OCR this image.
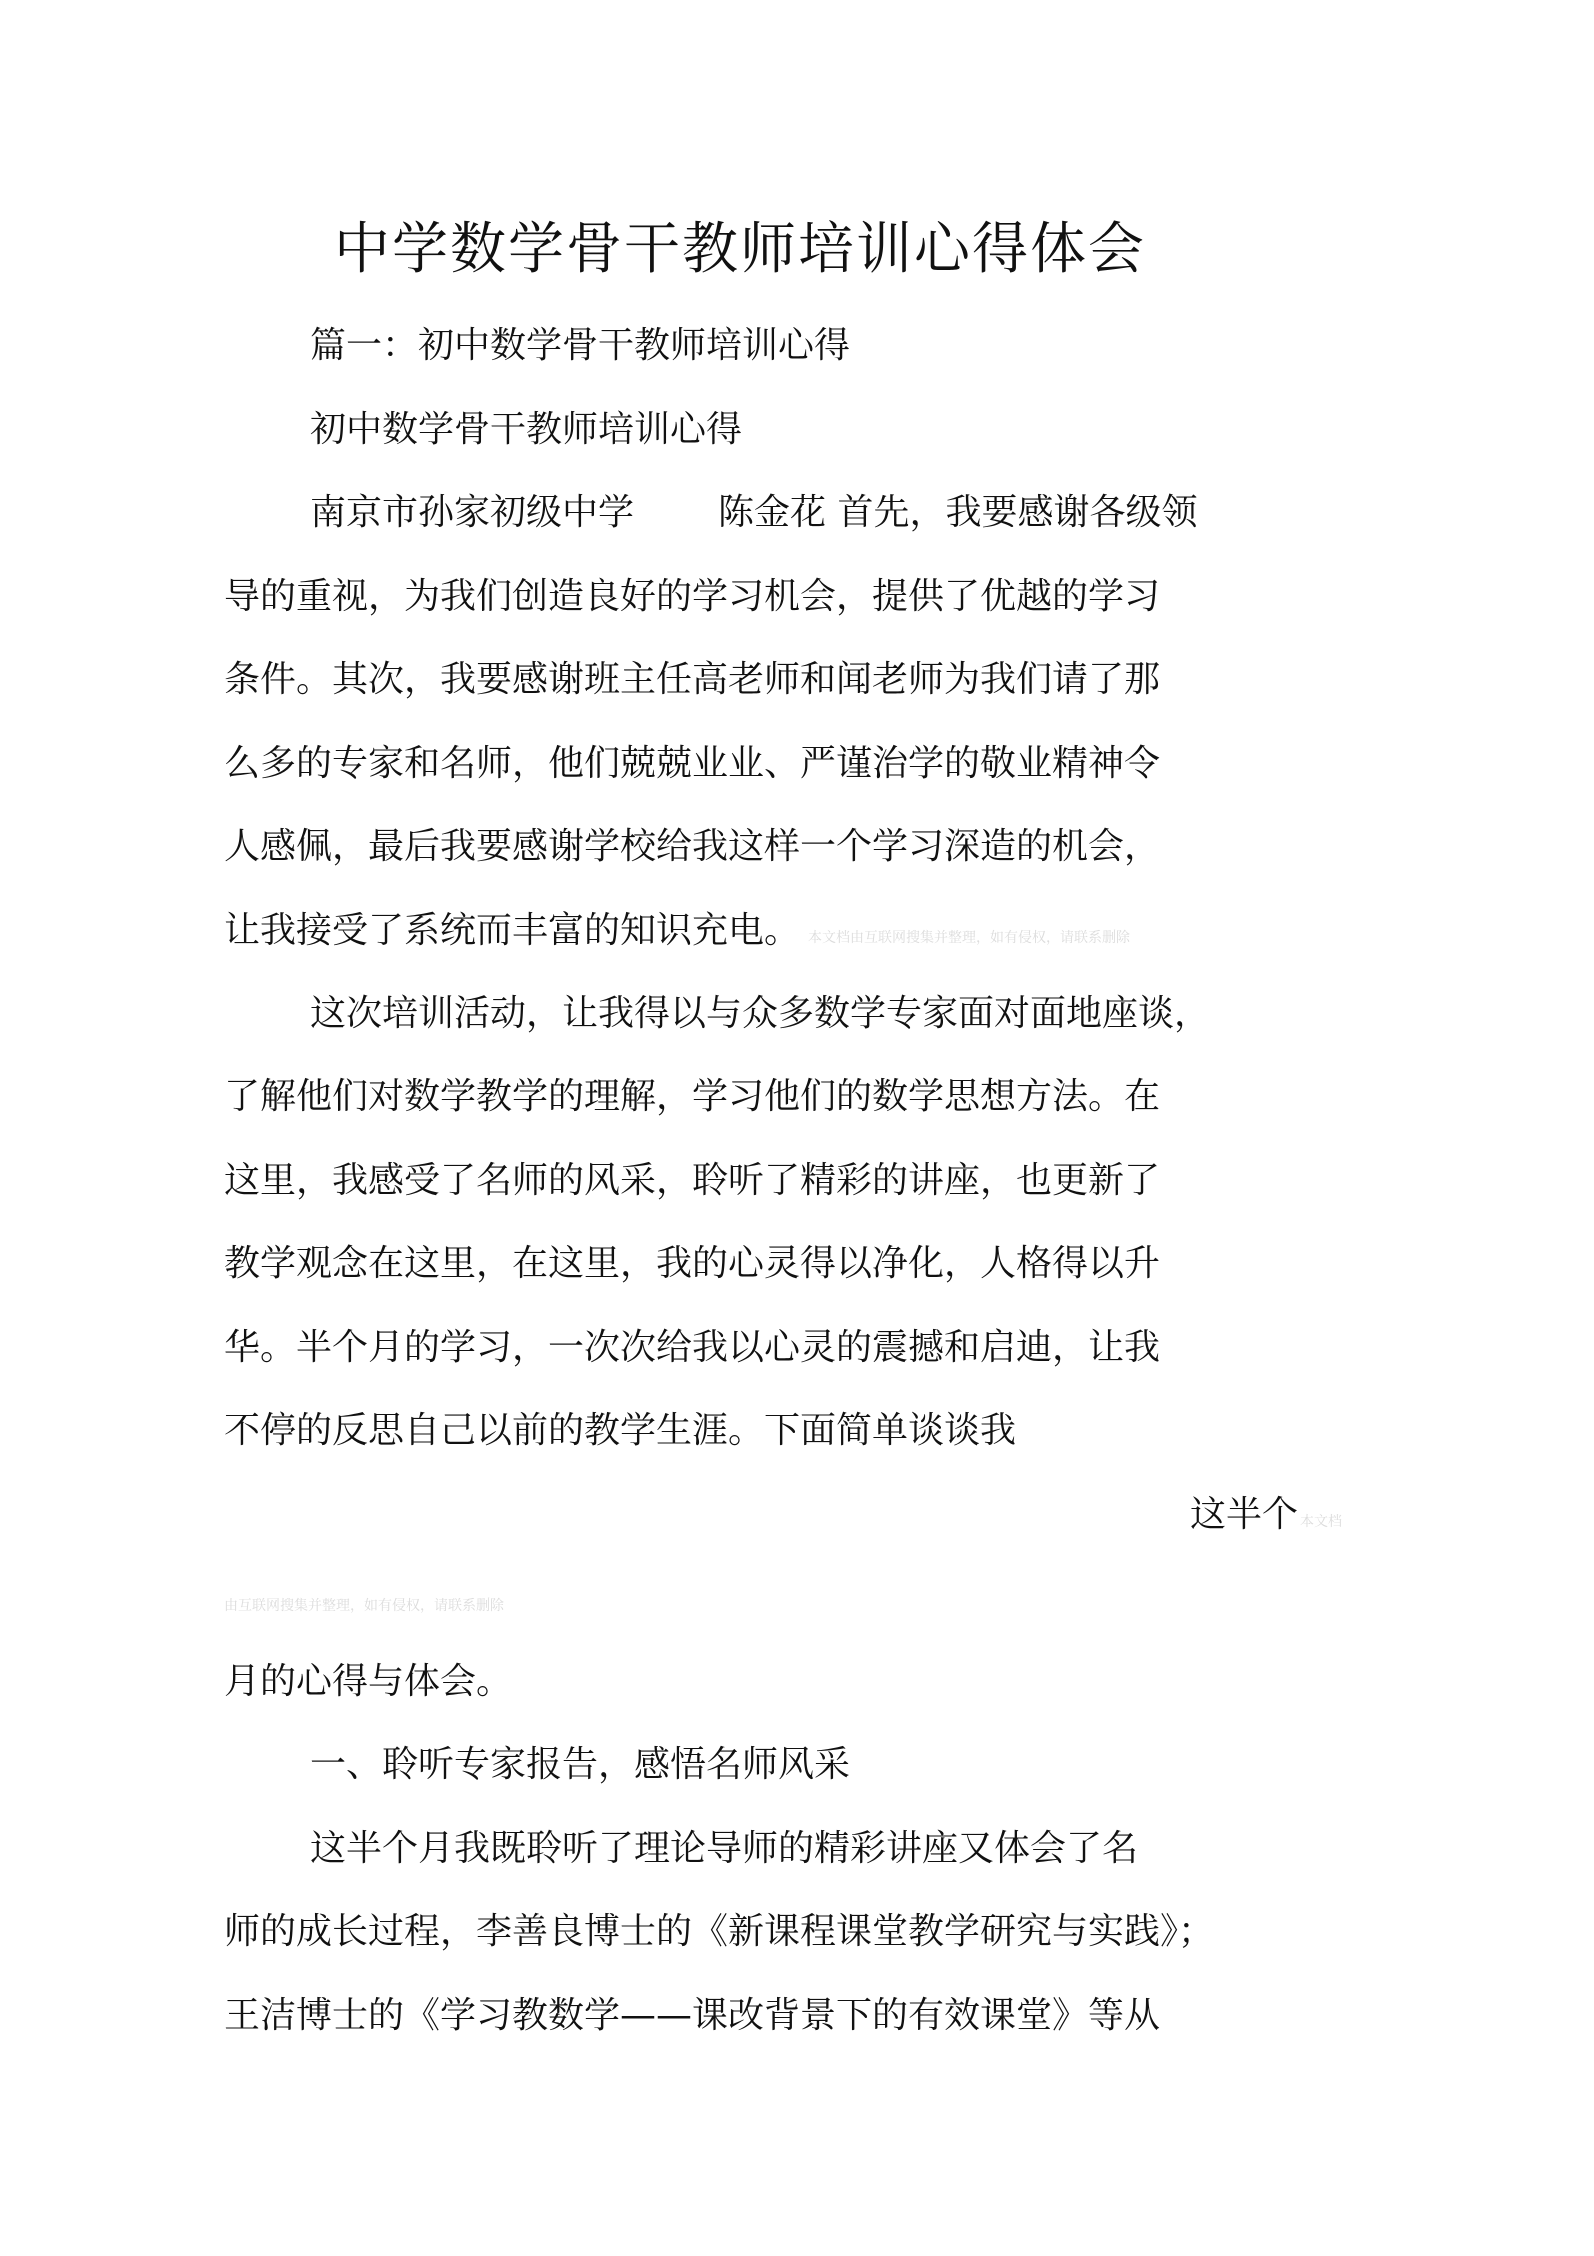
中学数学骨干教师培训心得体会
篇一：初中数学骨干教师培训心得
初中数学骨干教师培训心得
南京市孙家初级中学 陈金花 首先，我要感谢各级领
导的重视，为我们创造良好的学习机会，提供了优越的学习
条件。其次，我要感谢班主任高老师和闻老师为我们请了那
么多的专家和名师，他们兢兢业业、严谨治学的敬业精神令
人感佩，最后我要感谢学校给我这样一个学习深造的机会，
让我接受了系统而丰富的知识充电。 本文档由互联网搜集并整理，如有侵权，请联系删除
这次培训活动，让我得以与众多数学专家面对面地座谈，
了解他们对数学教学的理解，学习他们的数学思想方法。在
这里，我感受了名师的风采，聆听了精彩的讲座，也更新了
教学观念在这里，在这里，我的心灵得以净化，人格得以升
华。半个月的学习，一次次给我以心灵的震撼和启迪，让我
不停的反思自己以前的教学生涯。下面简单谈谈我
这半个 本文档
由互联网搜集并整理，如有侵权，请联系删除
月的心得与体会。
一、聆听专家报告，感悟名师风采
这半个月我既聆听了理论导师的精彩讲座又体会了名
师的成长过程，李善良博士的《新课程课堂教学研究与实践》；
王洁博士的《学习教数学——课改背景下的有效课堂》等从
